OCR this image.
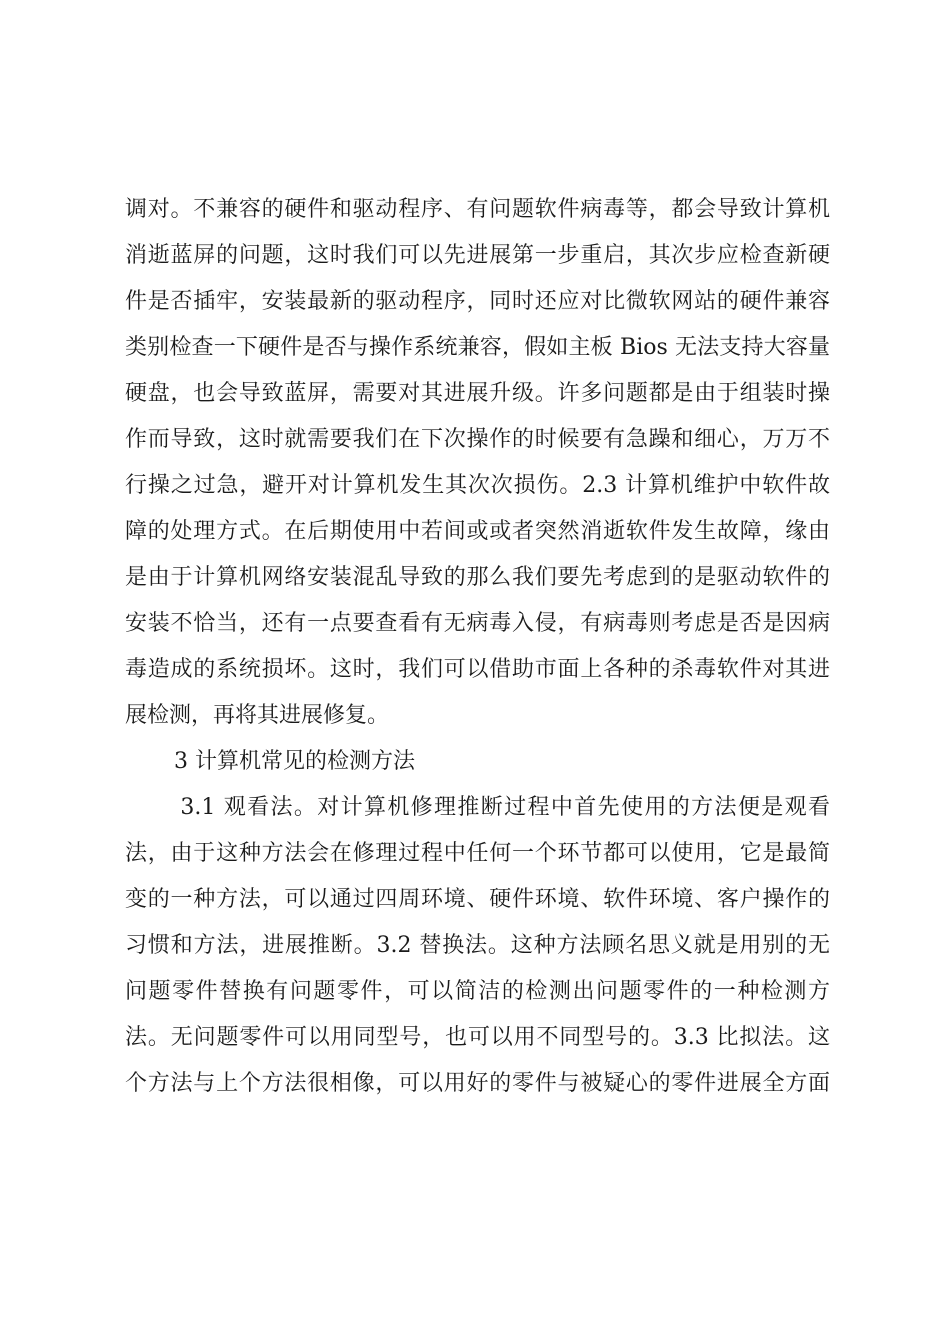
调对。不兼容的硬件和驱动程序、有问题软件病毒等，都会导致计算机
消逝蓝屏的问题，这时我们可以先进展第一步重启，其次步应检查新硬
件是否插牢，安装最新的驱动程序，同时还应对比微软网站的硬件兼容
类别检查一下硬件是否与操作系统兼容，假如主板 Bios 无法支持大容量
硬盘，也会导致蓝屏，需要对其进展升级。许多问题都是由于组装时操
作而导致，这时就需要我们在下次操作的时候要有急躁和细心，万万不
行操之过急，避开对计算机发生其次次损伤。2.3 计算机维护中软件故
障的处理方式。在后期使用中若间或或者突然消逝软件发生故障，缘由
是由于计算机网络安装混乱导致的那么我们要先考虑到的是驱动软件的
安装不恰当，还有一点要查看有无病毒入侵，有病毒则考虑是否是因病
毒造成的系统损坏。这时，我们可以借助市面上各种的杀毒软件对其进
展检测，再将其进展修复。
3 计算机常见的检测方法
3.1 观看法。对计算机修理推断过程中首先使用的方法便是观看
法，由于这种方法会在修理过程中任何一个环节都可以使用，它是最简
变的一种方法，可以通过四周环境、硬件环境、软件环境、客户操作的
习惯和方法，进展推断。3.2 替换法。这种方法顾名思义就是用别的无
问题零件替换有问题零件，可以简洁的检测出问题零件的一种检测方
法。无问题零件可以用同型号，也可以用不同型号的。3.3 比拟法。这
个方法与上个方法很相像，可以用好的零件与被疑心的零件进展全方面
